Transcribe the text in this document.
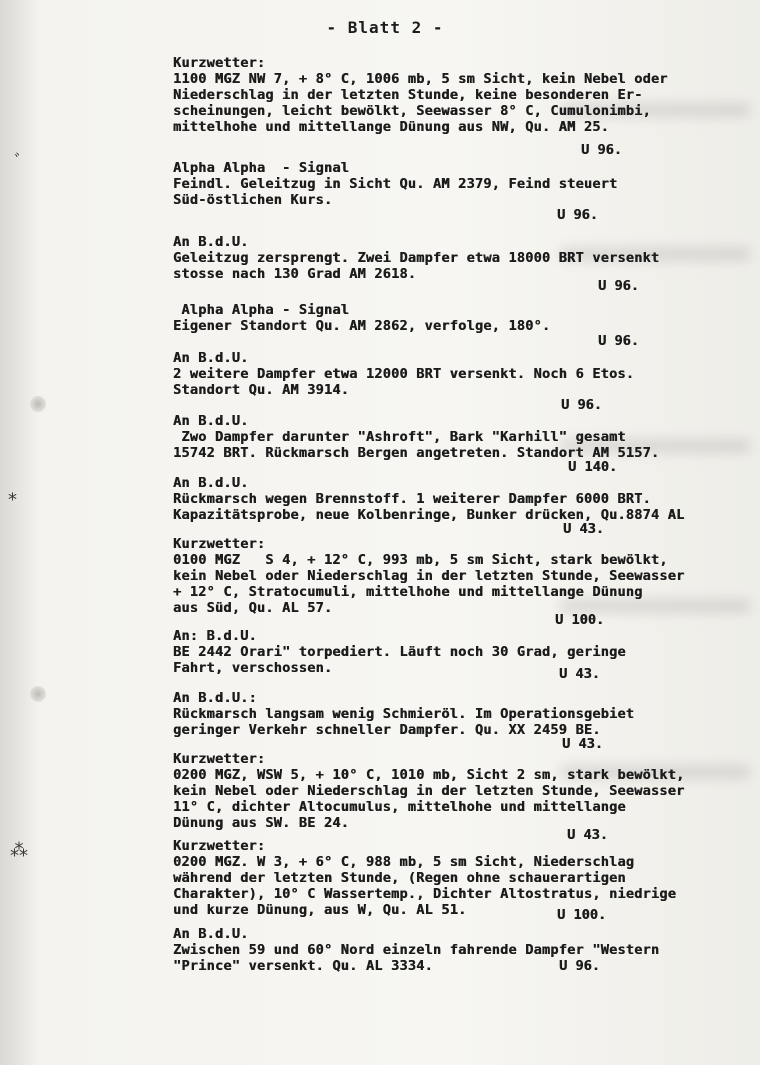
ﾞ
⁎
⁂
- Blatt 2 -
Kurzwetter:
1100 MGZ NW 7, + 8° C, 1006 mb, 5 sm Sicht, kein Nebel oder
Niederschlag in der letzten Stunde, keine besonderen Er-
scheinungen, leicht bewölkt, Seewasser 8° C, Cumulonimbi,
mittelhohe und mittellange Dünung aus NW, Qu. AM 25.
U 96.
Alpha Alpha  - Signal
Feindl. Geleitzug in Sicht Qu. AM 2379, Feind steuert
Süd-östlichen Kurs.
U 96.
An B.d.U.
Geleitzug zersprengt. Zwei Dampfer etwa 18000 BRT versenkt
stosse nach 130 Grad AM 2618.
U 96.
Alpha Alpha - Signal
Eigener Standort Qu. AM 2862, verfolge, 180°.
U 96.
An B.d.U.
2 weitere Dampfer etwa 12000 BRT versenkt. Noch 6 Etos.
Standort Qu. AM 3914.
U 96.
An B.d.U.
Zwo Dampfer darunter "Ashroft", Bark "Karhill" gesamt
15742 BRT. Rückmarsch Bergen angetreten. Standort AM 5157.
U 140.
An B.d.U.
Rückmarsch wegen Brennstoff. 1 weiterer Dampfer 6000 BRT.
Kapazitätsprobe, neue Kolbenringe, Bunker drücken, Qu.8874 AL
U 43.
Kurzwetter:
0100 MGZ   S 4, + 12° C, 993 mb, 5 sm Sicht, stark bewölkt,
kein Nebel oder Niederschlag in der letzten Stunde, Seewasser
+ 12° C, Stratocumuli, mittelhohe und mittellange Dünung
aus Süd, Qu. AL 57.
U 100.
An: B.d.U.
BE 2442 Orari" torpediert. Läuft noch 30 Grad, geringe
Fahrt, verschossen.	U 43.
An B.d.U.:
Rückmarsch langsam wenig Schmieröl. Im Operationsgebiet
geringer Verkehr schneller Dampfer. Qu. XX 2459 BE.
U 43.
Kurzwetter:
0200 MGZ, WSW 5, + 10° C, 1010 mb, Sicht 2 sm, stark bewölkt,
kein Nebel oder Niederschlag in der letzten Stunde, Seewasser
11° C, dichter Altocumulus, mittelhohe und mittellange
Dünung aus SW. BE 24.
U 43.
Kurzwetter:
0200 MGZ. W 3, + 6° C, 988 mb, 5 sm Sicht, Niederschlag
während der letzten Stunde, (Regen ohne schauerartigen
Charakter), 10° C Wassertemp., Dichter Altostratus, niedrige
und kurze Dünung, aus W, Qu. AL 51.	U 100.
An B.d.U.
Zwischen 59 und 60° Nord einzeln fahrende Dampfer "Western
"Prince" versenkt. Qu. AL 3334.	U 96.
